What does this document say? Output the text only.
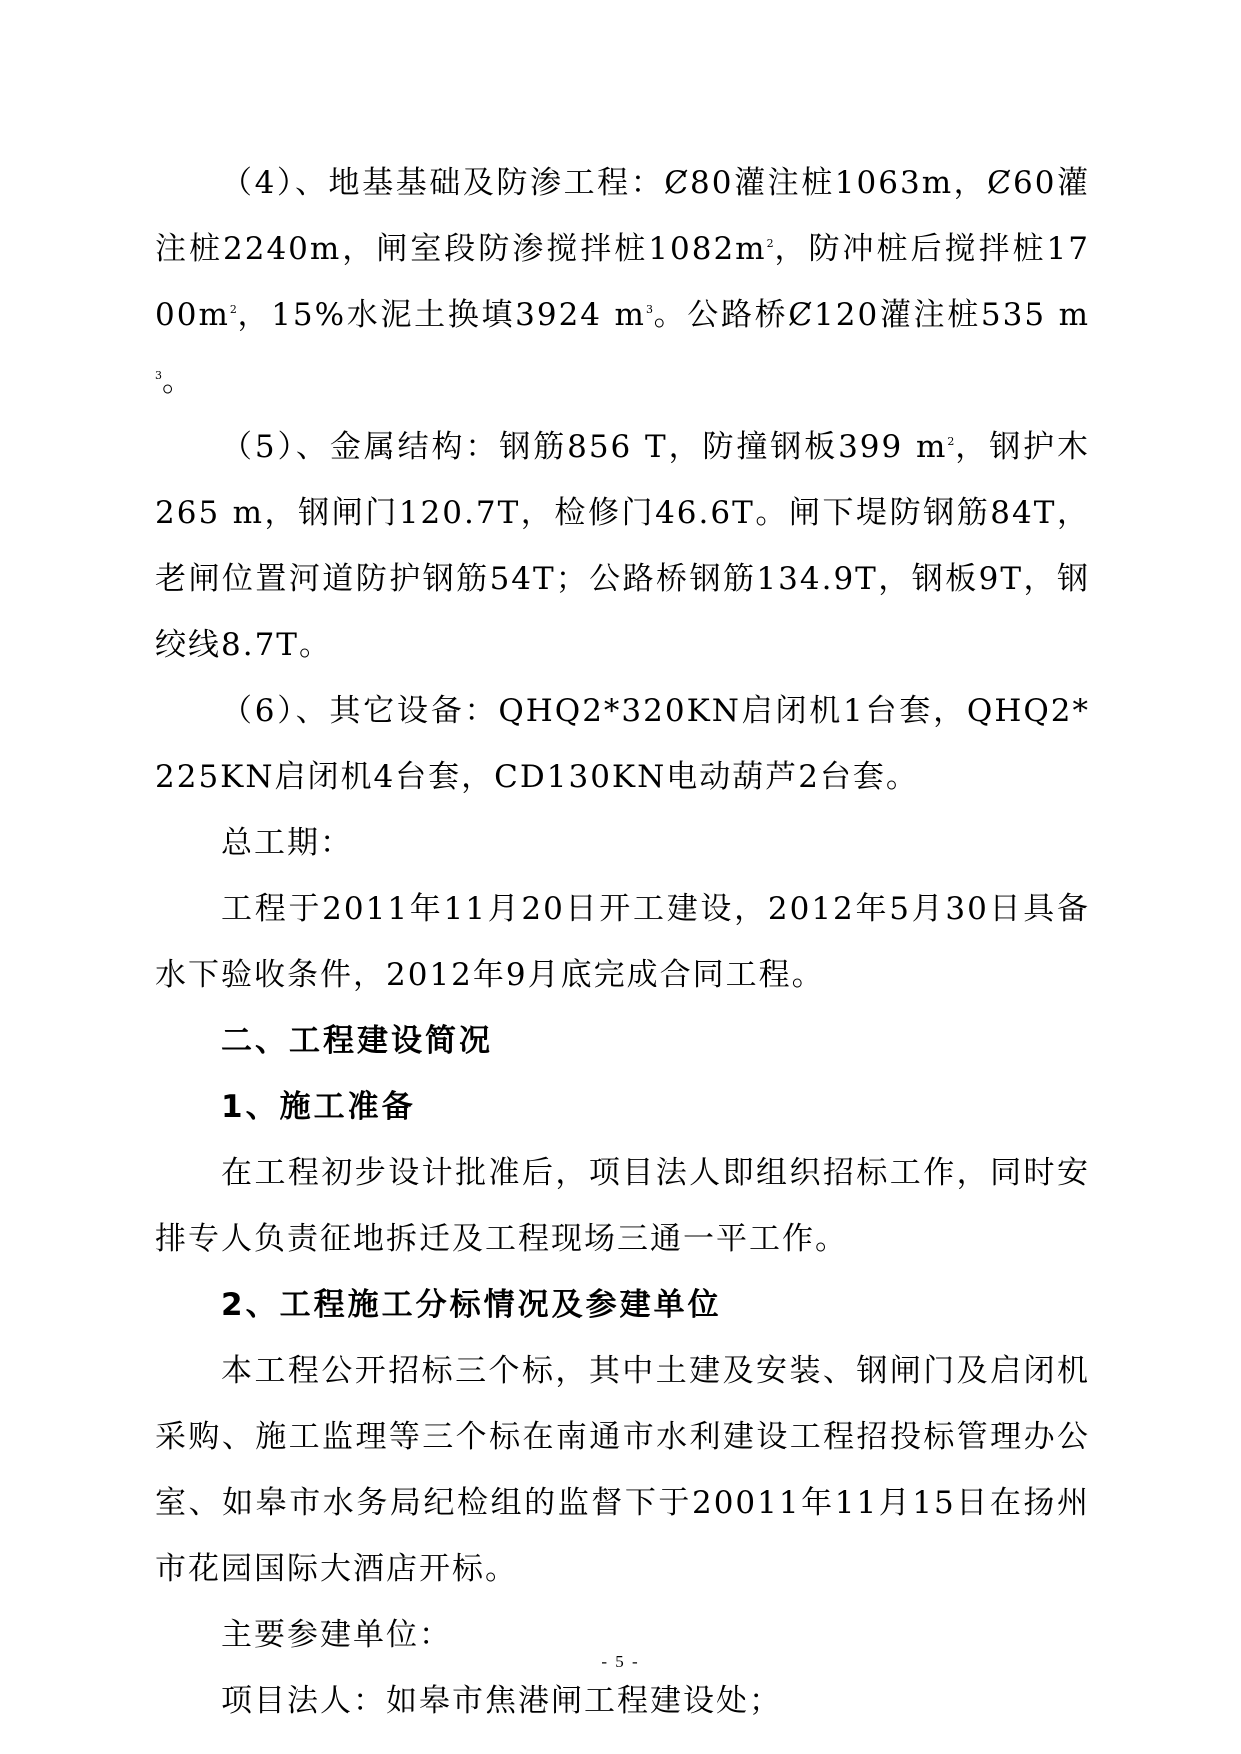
（4）、地基基础及防渗工程：Ȼ80灌注桩1063m，Ȼ60灌注桩2240m，闸室段防渗搅拌桩$1082m^2$，防冲桩后搅拌桩$1700m^2$，15%水泥土换填3924 $m^3$。公路桥Ȼ120灌注桩535 $m^3$。

（5）、金属结构：钢筋856 T，防撞钢板399 $m^2$，钢护木265 m，钢闸门120.7T，检修门46.6T。闸下堤防钢筋84T，老闸位置河道防护钢筋54T；公路桥钢筋134.9T，钢板9T，钢绞线8.7T。

（6）、其它设备：QHQ2*320KN启闭机1台套，QHQ2*225KN启闭机4台套，CD130KN电动葫芦2台套。

总工期：

工程于2011年11月20日开工建设，2012年5月30日具备水下验收条件，2012年9月底完成合同工程。

二、工程建设简况

1、施工准备

在工程初步设计批准后，项目法人即组织招标工作，同时安排专人负责征地拆迁及工程现场三通一平工作。

2、工程施工分标情况及参建单位

本工程公开招标三个标，其中土建及安装、钢闸门及启闭机采购、施工监理等三个标在南通市水利建设工程招投标管理办公室、如皋市水务局纪检组的监督下于20011年11月15日在扬州市花园国际大酒店开标。

主要参建单位：

项目法人：如皋市焦港闸工程建设处；

- 5 -
